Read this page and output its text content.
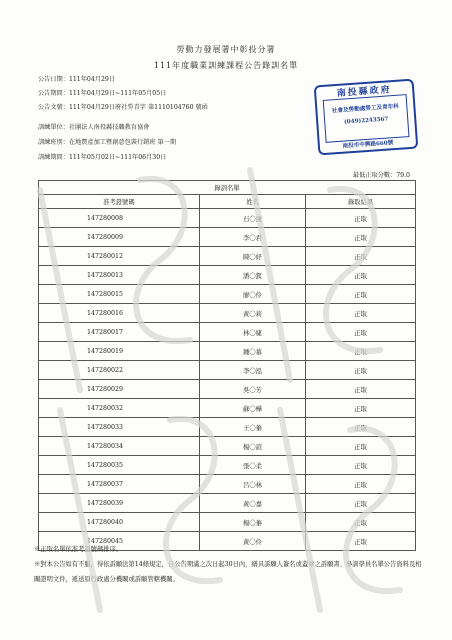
勞動力發展署中彰投分署
111年度職業訓練課程公告錄訓名單
公告日期：111年04月29日
公告期間：111年04月29日~111年05月05日
公告文號：111年04月29日府社勞青字 第1110104760 號函
訓練單位：社團法人南投縣技職教育協會
訓練班別：在地農產加工暨創意包裝行銷班 第一期
訓練期間：111年05月02日~111年06月30日
南投縣政府
社會及勞動處勞工及青年科
(049)2243567
南投市中興路660號
最低正取分數：79.0
錄訓名單		
准考證號碼	姓名	錄取結果
147280008	石〇捷	正取
147280009	李〇君	正取
147280012	陳〇妤	正取
147280013	潘〇釵	正取
147280015	廖〇伶	正取
147280016	黃〇莉	正取
147280017	林〇婕	正取
147280019	鍾〇慕	正取
147280022	李〇泓	正取
147280029	吳〇芳	正取
147280032	蘇〇樺	正取
147280033	王〇蓁	正取
147280034	楊〇諠	正取
147280035	張〇柔	正取
147280037	呂〇林	正取
147280039	黃〇嘉	正取
147280040	楊〇蓁	正取
147280045	黃〇伶	正取
※正取名單依准考證號碼排序。
※對本公告如有不服，得依訴願法第14條規定，自公告期滿之次日起30日內，繕具訴願人簽名或蓋章之訴願書、參訓學員名單公告資料及相關證明文件，遞送原行政處分機關或訴願管轄機關。
